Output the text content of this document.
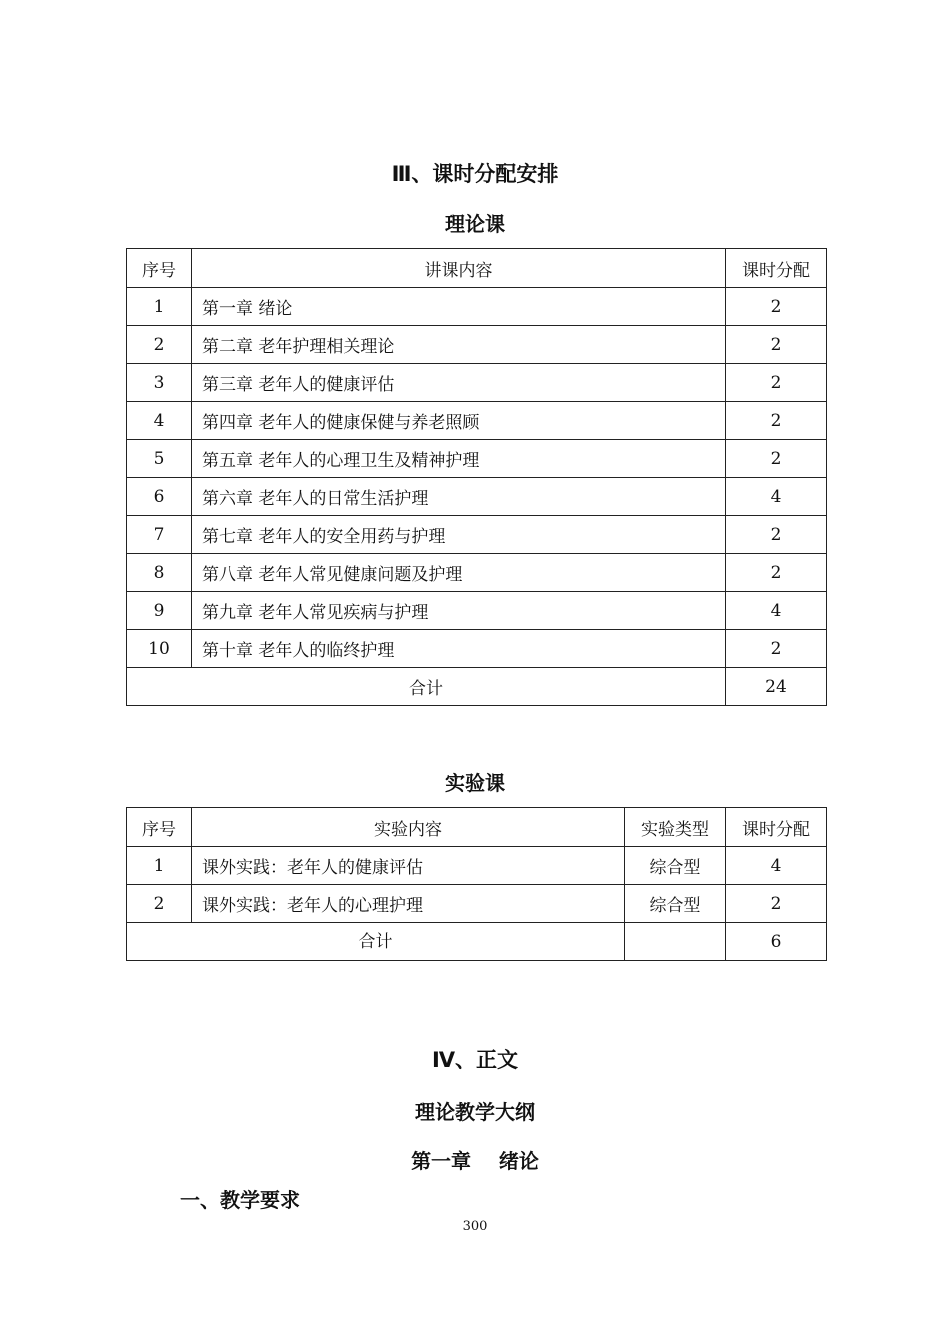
Ⅲ、课时分配安排
理论课
序号	讲课内容	课时分配
1	第一章 绪论	2
2	第二章 老年护理相关理论	2
3	第三章 老年人的健康评估	2
4	第四章 老年人的健康保健与养老照顾	2
5	第五章 老年人的心理卫生及精神护理	2
6	第六章 老年人的日常生活护理	4
7	第七章 老年人的安全用药与护理	2
8	第八章 老年人常见健康问题及护理	2
9	第九章 老年人常见疾病与护理	4
10	第十章 老年人的临终护理	2
合计		24
实验课
序号	实验内容	实验类型	课时分配
1	课外实践：老年人的健康评估	综合型	4
2	课外实践：老年人的心理护理	综合型	2
合计			6
Ⅳ、正文
理论教学大纲
第一章    绪论
一、教学要求
300
